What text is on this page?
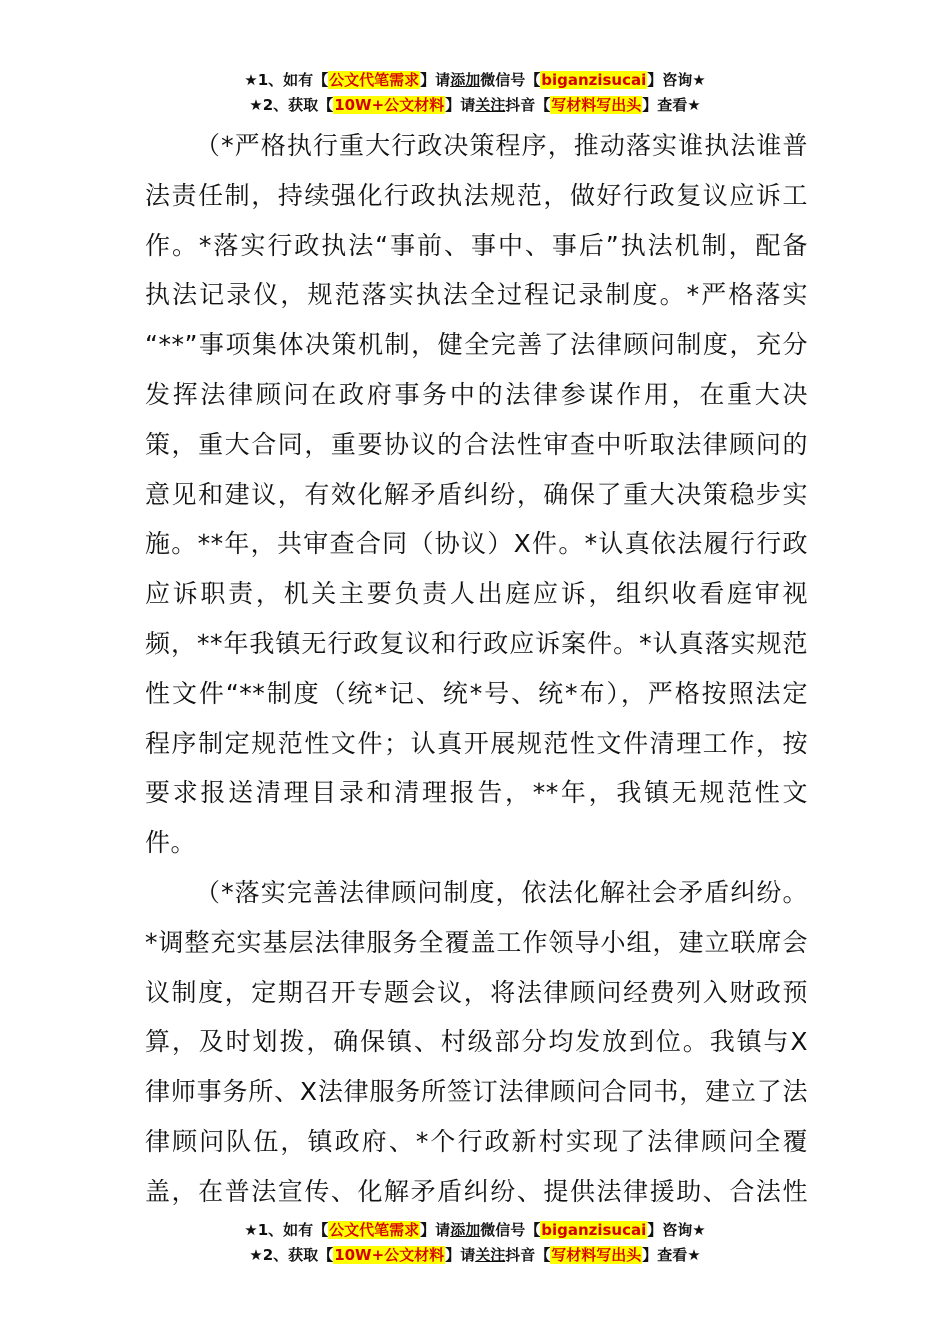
★1、如有【公文代笔需求】请添加微信号【biganzisucai】咨询★
★2、获取【10W+公文材料】请关注抖音【写材料写出头】查看★
（*严格执行重大行政决策程序，推动落实谁执法谁普
法责任制，持续强化行政执法规范，做好行政复议应诉工
作。*落实行政执法“事前、事中、事后”执法机制，配备
执法记录仪，规范落实执法全过程记录制度。*严格落实
“**”事项集体决策机制，健全完善了法律顾问制度，充分
发挥法律顾问在政府事务中的法律参谋作用，在重大决
策，重大合同，重要协议的合法性审查中听取法律顾问的
意见和建议，有效化解矛盾纠纷，确保了重大决策稳步实
施。**年，共审查合同（协议）X件。*认真依法履行行政
应诉职责，机关主要负责人出庭应诉，组织收看庭审视
频，**年我镇无行政复议和行政应诉案件。*认真落实规范
性文件“**制度（统*记、统*号、统*布），严格按照法定
程序制定规范性文件；认真开展规范性文件清理工作，按
要求报送清理目录和清理报告，**年，我镇无规范性文
件。
（*落实完善法律顾问制度，依法化解社会矛盾纠纷。
*调整充实基层法律服务全覆盖工作领导小组，建立联席会
议制度，定期召开专题会议，将法律顾问经费列入财政预
算，及时划拨，确保镇、村级部分均发放到位。我镇与X
律师事务所、X法律服务所签订法律顾问合同书，建立了法
律顾问队伍，镇政府、*个行政新村实现了法律顾问全覆
盖，在普法宣传、化解矛盾纠纷、提供法律援助、合法性
★1、如有【公文代笔需求】请添加微信号【biganzisucai】咨询★
★2、获取【10W+公文材料】请关注抖音【写材料写出头】查看★
